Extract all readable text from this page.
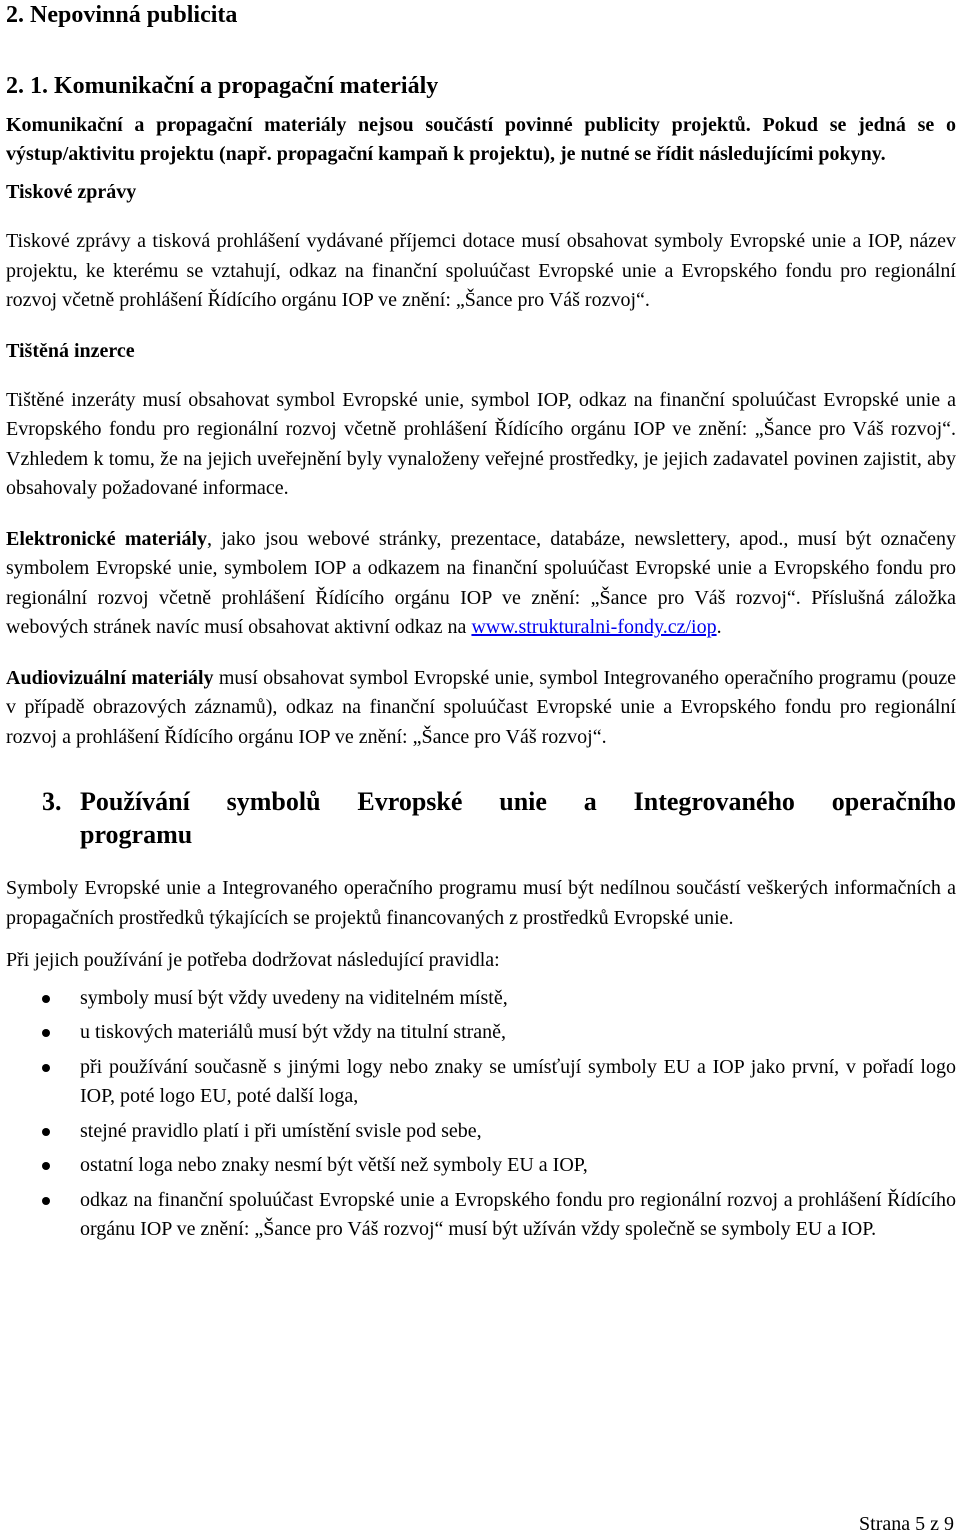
2. Nepovinná publicita
2. 1. Komunikační a propagační materiály

Komunikační a propagační materiály nejsou součástí povinné publicity projektů. Pokud se jedná se o výstup/aktivitu projektu (např. propagační kampaň k projektu), je nutné se řídit následujícími pokyny.

Tiskové zprávy

Tiskové zprávy a tisková prohlášení vydávané příjemci dotace musí obsahovat symboly Evropské unie a IOP, název projektu, ke kterému se vztahují, odkaz na finanční spoluúčast Evropské unie a Evropského fondu pro regionální rozvoj včetně prohlášení Řídícího orgánu IOP ve znění: „Šance pro Váš rozvoj“.

Tištěná inzerce

Tištěné inzeráty musí obsahovat symbol Evropské unie, symbol IOP, odkaz na finanční spoluúčast Evropské unie a Evropského fondu pro regionální rozvoj včetně prohlášení Řídícího orgánu IOP ve znění: „Šance pro Váš rozvoj“. Vzhledem k tomu, že na jejich uveřejnění byly vynaloženy veřejné prostředky, je jejich zadavatel povinen zajistit, aby obsahovaly požadované informace.

Elektronické materiály, jako jsou webové stránky, prezentace, databáze, newslettery, apod., musí být označeny symbolem Evropské unie, symbolem IOP a odkazem na finanční spoluúčast Evropské unie a Evropského fondu pro regionální rozvoj včetně prohlášení Řídícího orgánu IOP ve znění: „Šance pro Váš rozvoj“. Příslušná záložka webových stránek navíc musí obsahovat aktivní odkaz na www.strukturalni-fondy.cz/iop.

Audiovizuální materiály musí obsahovat symbol Evropské unie, symbol Integrovaného operačního programu (pouze v případě obrazových záznamů), odkaz na finanční spoluúčast Evropské unie a Evropského fondu pro regionální rozvoj a prohlášení Řídícího orgánu IOP ve znění: „Šance pro Váš rozvoj“.

3. Používání symbolů Evropské unie a Integrovaného operačního
programu

Symboly Evropské unie a Integrovaného operačního programu musí být nedílnou součástí veškerých informačních a propagačních prostředků týkajících se projektů financovaných z prostředků Evropské unie.

Při jejich používání je potřeba dodržovat následující pravidla:

symboly musí být vždy uvedeny na viditelném místě,
u tiskových materiálů musí být vždy na titulní straně,
při používání současně s jinými logy nebo znaky se umísťují symboly EU a IOP jako první, v pořadí logo IOP, poté logo EU, poté další loga,
stejné pravidlo platí i při umístění svisle pod sebe,
ostatní loga nebo znaky nesmí být větší než symboly EU a IOP,
odkaz na finanční spoluúčast Evropské unie a Evropského fondu pro regionální rozvoj a prohlášení Řídícího orgánu IOP ve znění: „Šance pro Váš rozvoj“ musí být užíván vždy společně se symboly EU a IOP.
Strana 5 z 9
